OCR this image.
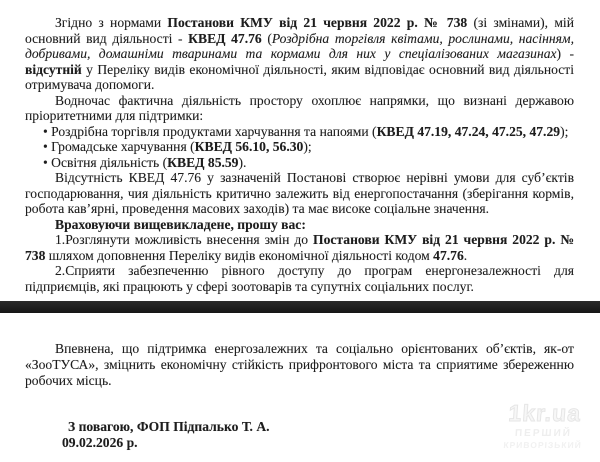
Згідно з нормами Постанови КМУ від 21 червня 2022 р. № 738 (зі змінами), мій основний вид діяльності - КВЕД 47.76 (Роздрібна торгівля квітами, рослинами, насінням, добривами, домашніми тваринами та кормами для них у спеціалізованих магазинах) - відсутній у Переліку видів економічної діяльності, яким відповідає основний вид діяльності отримувача допомоги.

Водночас фактична діяльність простору охоплює напрямки, що визнані державою пріоритетними для підтримки:

• Роздрібна торгівля продуктами харчування та напоями (КВЕД 47.19, 47.24, 47.25, 47.29);

• Громадське харчування (КВЕД 56.10, 56.30);

• Освітня діяльність (КВЕД 85.59).

Відсутність КВЕД 47.76 у зазначеній Постанові створює нерівні умови для суб’єктів господарювання, чия діяльність критично залежить від енергопостачання (зберігання кормів, робота кав’ярні, проведення масових заходів) та має високе соціальне значення.

Враховуючи вищевикладене, прошу вас:

1.Розглянути можливість внесення змін до Постанови КМУ від 21 червня 2022 р. № 738 шляхом доповнення Переліку видів економічної діяльності кодом 47.76.

2.Сприяти забезпеченню рівного доступу до програм енергонезалежності для підприємців, які працюють у сфері зоотоварів та супутніх соціальних послуг.

Впевнена, що підтримка енергозалежних та соціально орієнтованих об’єктів, як-от «ЗооТУСА», зміцнить економічну стійкість прифронтового міста та сприятиме збереженню робочих місць.

З повагою, ФОП Підпалько Т. А.
09.02.2026 р.
1kr.ua
ПЕРШИЙ
КРИВОРІЗЬКИЙ
